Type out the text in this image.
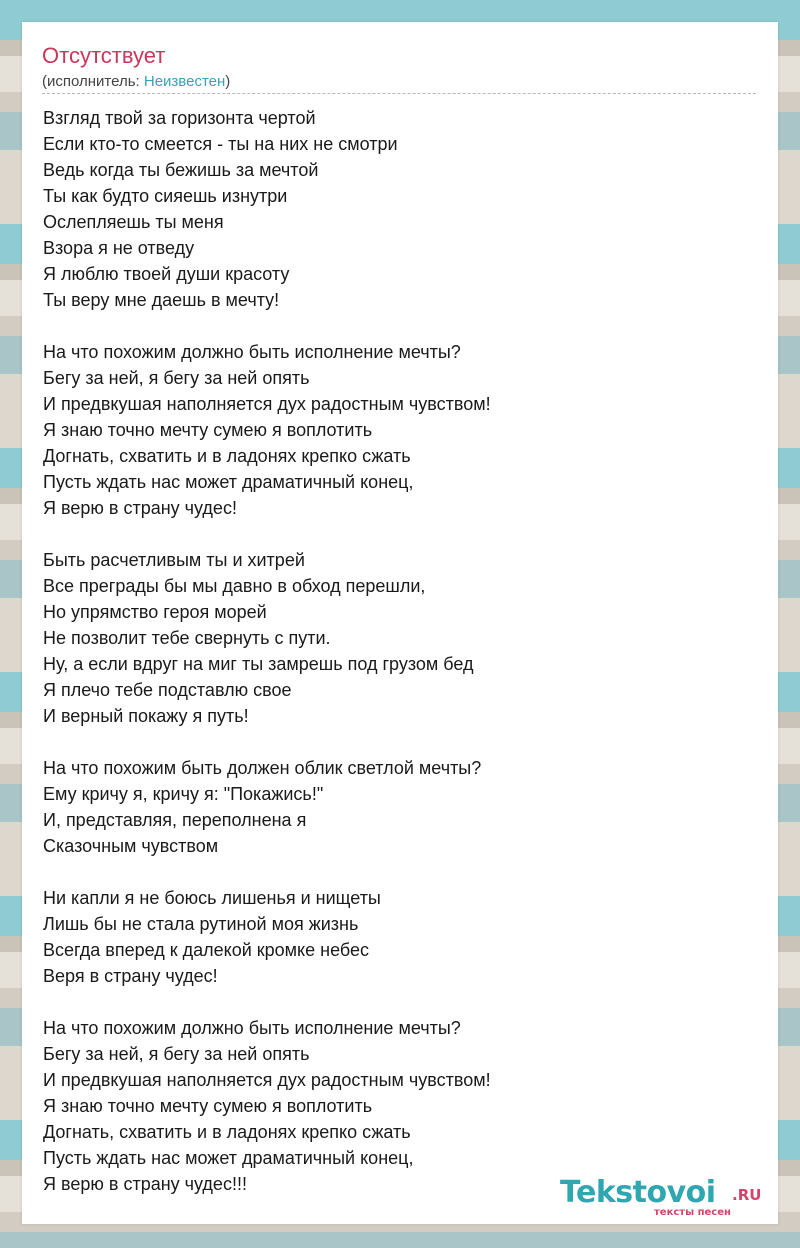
Отсутствует
(исполнитель: Неизвестен)
Взгляд твой за горизонта чертой
Если кто-то смеется - ты на них не смотри
Ведь когда ты бежишь за мечтой
Ты как будто сияешь изнутри
Ослепляешь ты меня
Взора я не отведу
Я люблю твоей души красоту
Ты веру мне даешь в мечту!
На что похожим должно быть исполнение мечты?
Бегу за ней, я бегу за ней опять
И предвкушая наполняется дух радостным чувством!
Я знаю точно мечту сумею я воплотить
Догнать, схватить и в ладонях крепко сжать
Пусть ждать нас может драматичный конец,
Я верю в страну чудес!
Быть расчетливым ты и хитрей
Все преграды бы мы давно в обход перешли,
Но упрямство героя морей
Не позволит тебе свернуть с пути.
Ну, а если вдруг на миг ты замрешь под грузом бед
Я плечо тебе подставлю свое
И верный покажу я путь!
На что похожим быть должен облик светлой мечты?
Ему кричу я, кричу я: "Покажись!"
И, представляя, переполнена я
Сказочным чувством
Ни капли я не боюсь лишенья и нищеты
Лишь бы не стала рутиной моя жизнь
Всегда вперед к далекой кромке небес
Веря в страну чудес!
На что похожим должно быть исполнение мечты?
Бегу за ней, я бегу за ней опять
И предвкушая наполняется дух радостным чувством!
Я знаю точно мечту сумею я воплотить
Догнать, схватить и в ладонях крепко сжать
Пусть ждать нас может драматичный конец,
Я верю в страну чудес!!!	Tekstovoi .RU
тексты песен
